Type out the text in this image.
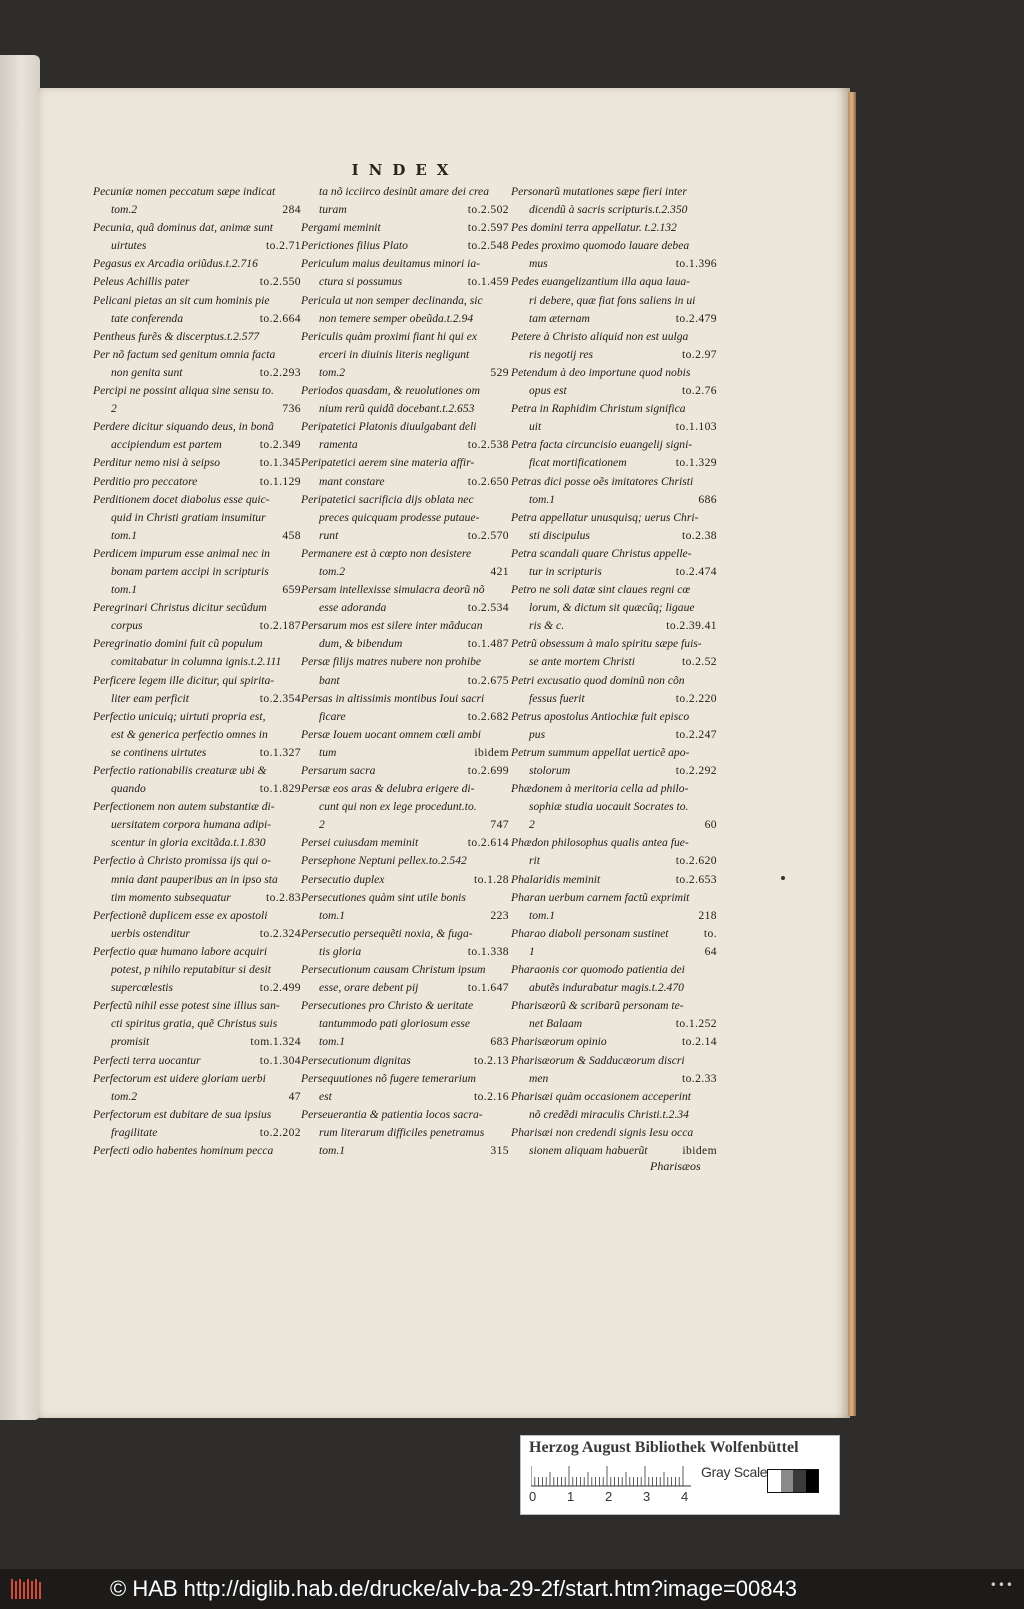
INDEX
Pecuniæ nomen peccatum sæpe indicat
tom.2	284
Pecunia, quã dominus dat, animæ sunt
uirtutes	to.2.71
Pegasus ex Arcadia oriũdus.t.2.716
Peleus Achillis pater	to.2.550
Pelicani pietas an sit cum hominis pie
tate conferenda	to.2.664
Pentheus furẽs & discerptus.t.2.577
Per nõ factum sed genitum omnia facta
non genita sunt	to.2.293
Percipi ne possint aliqua sine sensu to.
2	736
Perdere dicitur siquando deus, in bonã
accipiendum est partem	to.2.349
Perditur nemo nisi à seipso	to.1.345
Perditio pro peccatore	to.1.129
Perditionem docet diabolus esse quic-
quid in Christi gratiam insumitur
tom.1	458
Perdicem impurum esse animal nec in
bonam partem accipi in scripturis
tom.1	659
Peregrinari Christus dicitur secũdum
corpus	to.2.187
Peregrinatio domini fuit cũ populum
comitabatur in columna ignis.t.2.111
Perficere legem ille dicitur, qui spirita-
liter eam perficit	to.2.354
Perfectio unicuiq; uirtuti propria est,
est & generica perfectio omnes in
se continens uirtutes	to.1.327
Perfectio rationabilis creaturæ ubi &
quando	to.1.829
Perfectionem non autem substantiæ di-
uersitatem corpora humana adipi-
scentur in gloria excitãda.t.1.830
Perfectio à Christo promissa ijs qui o-
mnia dant pauperibus an in ipso sta
tim momento subsequatur	to.2.83
Perfectionẽ duplicem esse ex apostoli
uerbis ostenditur	to.2.324
Perfectio quæ humano labore acquiri
potest, p nihilo reputabitur si desit
supercœlestis	to.2.499
Perfectũ nihil esse potest sine illius san-
cti spiritus gratia, quẽ Christus suis
promisit	tom.1.324
Perfecti terra uocantur	to.1.304
Perfectorum est uidere gloriam uerbi
tom.2	47
Perfectorum est dubitare de sua ipsius
fragilitate	to.2.202
Perfecti odio habentes hominum pecca
ta nõ icciirco desinũt amare dei crea
turam	to.2.502
Pergami meminit	to.2.597
Perictiones filius Plato	to.2.548
Periculum maius deuitamus minori ia-
ctura si possumus	to.1.459
Pericula ut non semper declinanda, sic
non temere semper obeũda.t.2.94
Periculis quàm proximi fiant hi qui ex
erceri in diuinis literis negligunt
tom.2	529
Periodos quasdam, & reuolutiones om
nium rerũ quidã docebant.t.2.653
Peripatetici Platonis diuulgabant deli
ramenta	to.2.538
Peripatetici aerem sine materia affir-
mant constare	to.2.650
Peripatetici sacrificia dijs oblata nec
preces quicquam prodesse putaue-
runt	to.2.570
Permanere est à cœpto non desistere
tom.2	421
Persam intellexisse simulacra deorũ nõ
esse adoranda	to.2.534
Persarum mos est silere inter mãducan
dum, & bibendum	to.1.487
Persæ filijs matres nubere non prohibe
bant	to.2.675
Persas in altissimis montibus Ioui sacri
ficare	to.2.682
Persæ Iouem uocant omnem cœli ambi
tum	ibidem
Persarum sacra	to.2.699
Persæ eos aras & delubra erigere di-
cunt qui non ex lege procedunt.to.
2	747
Persei cuiusdam meminit	to.2.614
Persephone Neptuni pellex.to.2.542
Persecutio duplex	to.1.28
Persecutiones quàm sint utile bonis
tom.1	223
Persecutio persequẽti noxia, & fuga-
tis gloria	to.1.338
Persecutionum causam Christum ipsum
esse, orare debent pij	to.1.647
Persecutiones pro Christo & ueritate
tantummodo pati gloriosum esse
tom.1	683
Persecutionum dignitas	to.2.13
Persequutiones nõ fugere temerarium
est	to.2.16
Perseuerantia & patientia locos sacra-
rum literarum difficiles penetramus
tom.1	315
Personarũ mutationes sæpe fieri inter
dicendũ à sacris scripturis.t.2.350
Pes domini terra appellatur. t.2.132
Pedes proximo quomodo lauare debea
mus	to.1.396
Pedes euangelizantium illa aqua laua-
ri debere, quæ fiat fons saliens in ui
tam æternam	to.2.479
Petere à Christo aliquid non est uulga
ris negotij res	to.2.97
Petendum à deo importune quod nobis
opus est	to.2.76
Petra in Raphidim Christum significa
uit	to.1.103
Petra facta circuncisio euangelij signi-
ficat mortificationem	to.1.329
Petras dici posse oẽs imitatores Christi
tom.1	686
Petra appellatur unusquisq; uerus Chri-
sti discipulus	to.2.38
Petra scandali quare Christus appelle-
tur in scripturis	to.2.474
Petro ne soli datæ sint claues regni cœ
lorum, & dictum sit quæcũq; ligaue
ris & c.	to.2.39.41
Petrũ obsessum à malo spiritu sæpe fuis-
se ante mortem Christi	to.2.52
Petri excusatio quod dominũ non cõn
fessus fuerit	to.2.220
Petrus apostolus Antiochiæ fuit episco
pus	to.2.247
Petrum summum appellat uerticẽ apo-
stolorum	to.2.292
Phædonem à meritoria cella ad philo-
sophiæ studia uocauit Socrates to.
2	60
Phædon philosophus qualis antea fue-
rit	to.2.620
Phalaridis meminit	to.2.653
Pharan uerbum carnem factũ exprimit
tom.1	218
Pharao diaboli personam sustinet	to.
1	64
Pharaonis cor quomodo patientia dei
abutẽs indurabatur magis.t.2.470
Pharisæorũ & scribarũ personam te-
net Balaam	to.1.252
Pharisæorum opinio	to.2.14
Pharisæorum & Sadducæorum discri
men	to.2.33
Pharisæi quàm occasionem acceperint
nõ credẽdi miraculis Christi.t.2.34
Pharisæi non credendi signis Iesu occa
sionem aliquam habuerũt	ibidem
Pharisæos
Herzog August Bibliothek Wolfenbüttel
0 1 2 3 4
Gray Scale
© HAB http://diglib.hab.de/drucke/alv-ba-29-2f/start.htm?image=00843	•••
